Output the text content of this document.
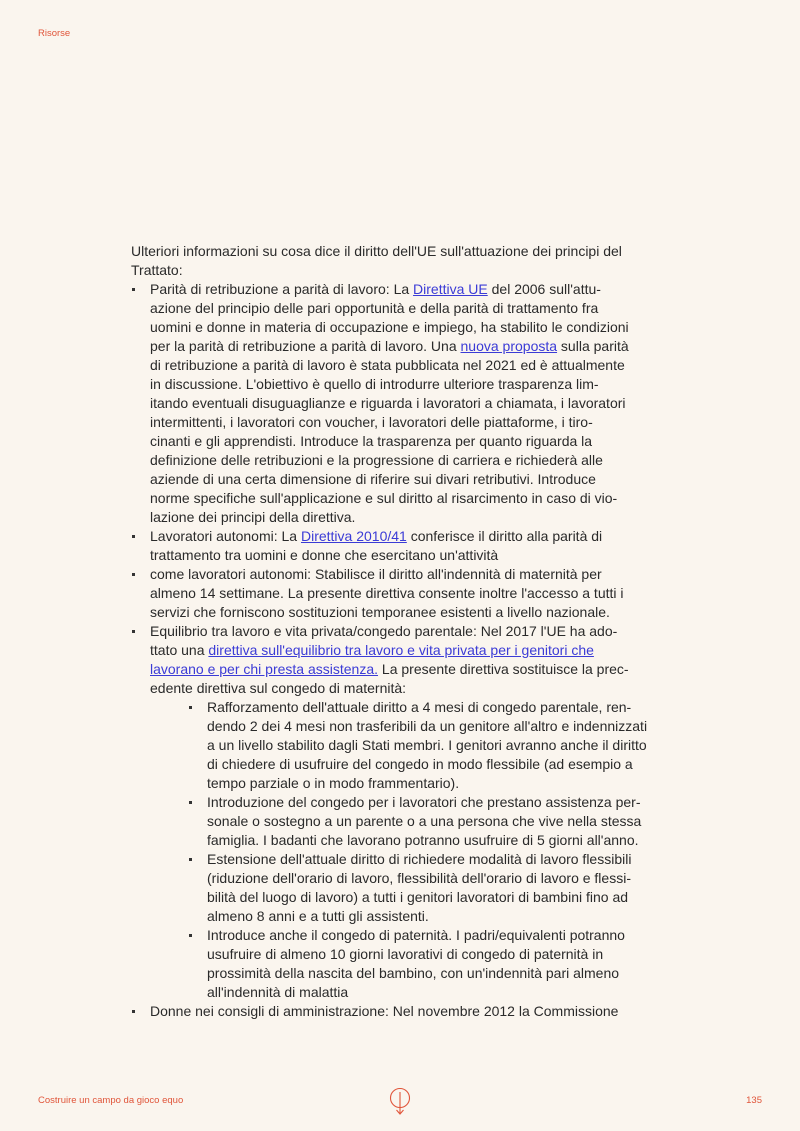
Risorse
Ulteriori informazioni su cosa dice il diritto dell'UE sull'attuazione dei principi del
Trattato:
Parità di retribuzione a parità di lavoro: La Direttiva UE del 2006 sull'attu-
azione del principio delle pari opportunità e della parità di trattamento fra
uomini e donne in materia di occupazione e impiego, ha stabilito le condizioni
per la parità di retribuzione a parità di lavoro. Una nuova proposta sulla parità
di retribuzione a parità di lavoro è stata pubblicata nel 2021 ed è attualmente
in discussione. L'obiettivo è quello di introdurre ulteriore trasparenza lim-
itando eventuali disuguaglianze e riguarda i lavoratori a chiamata, i lavoratori
intermittenti, i lavoratori con voucher, i lavoratori delle piattaforme, i tiro-
cinanti e gli apprendisti. Introduce la trasparenza per quanto riguarda la
definizione delle retribuzioni e la progressione di carriera e richiederà alle
aziende di una certa dimensione di riferire sui divari retributivi. Introduce
norme specifiche sull'applicazione e sul diritto al risarcimento in caso di vio-
lazione dei principi della direttiva.
Lavoratori autonomi: La Direttiva 2010/41 conferisce il diritto alla parità di
trattamento tra uomini e donne che esercitano un'attività
come lavoratori autonomi: Stabilisce il diritto all'indennità di maternità per
almeno 14 settimane. La presente direttiva consente inoltre l'accesso a tutti i
servizi che forniscono sostituzioni temporanee esistenti a livello nazionale.
Equilibrio tra lavoro e vita privata/congedo parentale: Nel 2017 l'UE ha ado-
ttato una direttiva sull'equilibrio tra lavoro e vita privata per i genitori che
lavorano e per chi presta assistenza. La presente direttiva sostituisce la prec-
edente direttiva sul congedo di maternità:
Rafforzamento dell'attuale diritto a 4 mesi di congedo parentale, ren-
dendo 2 dei 4 mesi non trasferibili da un genitore all'altro e indennizzati
a un livello stabilito dagli Stati membri. I genitori avranno anche il diritto
di chiedere di usufruire del congedo in modo flessibile (ad esempio a
tempo parziale o in modo frammentario).
Introduzione del congedo per i lavoratori che prestano assistenza per-
sonale o sostegno a un parente o a una persona che vive nella stessa
famiglia. I badanti che lavorano potranno usufruire di 5 giorni all'anno.
Estensione dell'attuale diritto di richiedere modalità di lavoro flessibili
(riduzione dell'orario di lavoro, flessibilità dell'orario di lavoro e flessi-
bilità del luogo di lavoro) a tutti i genitori lavoratori di bambini fino ad
almeno 8 anni e a tutti gli assistenti.
Introduce anche il congedo di paternità. I padri/equivalenti potranno
usufruire di almeno 10 giorni lavorativi di congedo di paternità in
prossimità della nascita del bambino, con un'indennità pari almeno
all'indennità di malattia
Donne nei consigli di amministrazione: Nel novembre 2012 la Commissione
Costruire un campo da gioco equo	135
